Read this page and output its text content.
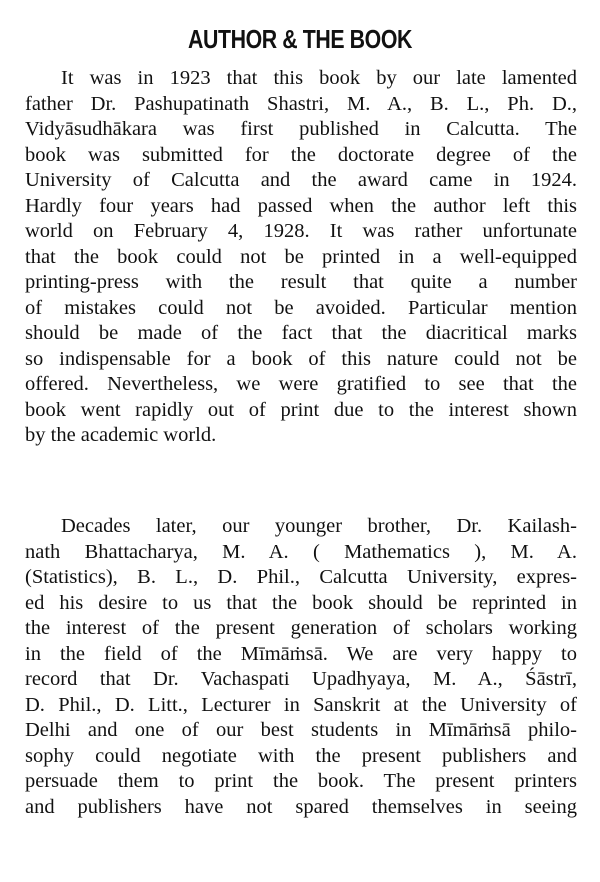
AUTHOR & THE BOOK
It was in 1923 that this book by our late lamented
father Dr. Pashupatinath Shastri, M. A., B. L., Ph. D.,
Vidyāsudhākara was first published in Calcutta. The
book was submitted for the doctorate degree of the
University of Calcutta and the award came in 1924.
Hardly four years had passed when the author left this
world on February 4, 1928. It was rather unfortunate
that the book could not be printed in a well-equipped
printing-press with the result that quite a number
of mistakes could not be avoided. Particular mention
should be made of the fact that the diacritical marks
so indispensable for a book of this nature could not be
offered. Nevertheless, we were gratified to see that the
book went rapidly out of print due to the interest shown
by the academic world.
Decades later, our younger brother, Dr. Kailash-
nath Bhattacharya, M. A. ( Mathematics ), M. A.
(Statistics), B. L., D. Phil., Calcutta University, expres-
ed his desire to us that the book should be reprinted in
the interest of the present generation of scholars working
in the field of the Mīmāṁsā. We are very happy to
record that Dr. Vachaspati Upadhyaya, M. A., Śāstrī,
D. Phil., D. Litt., Lecturer in Sanskrit at the University of
Delhi and one of our best students in Mīmāṁsā philo-
sophy could negotiate with the present publishers and
persuade them to print the book. The present printers
and publishers have not spared themselves in seeing
